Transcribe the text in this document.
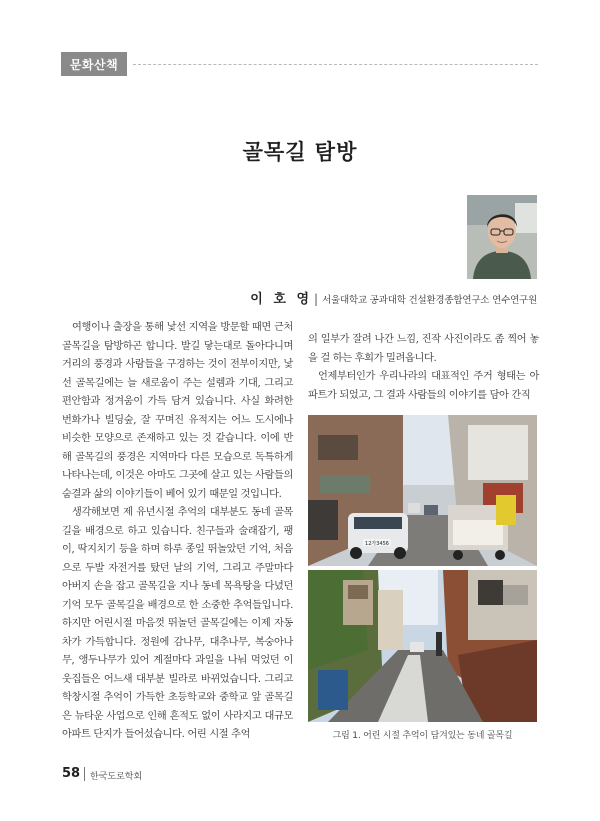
문화산책
골목길 탐방
이 호 영 | 서울대학교 공과대학 건설환경종합연구소 연수연구원

여행이나 출장을 통해 낯선 지역을 방문할 때면 근처 골목길을 탐방하곤 합니다. 발길 닿는대로 돌아다니며 거리의 풍경과 사람들을 구경하는 것이 전부이지만, 낯선 골목길에는 늘 새로움이 주는 설렘과 기대, 그리고 편안함과 정겨움이 가득 담겨 있습니다. 사실 화려한 번화가나 빌딩숲, 잘 꾸며진 유적지는 어느 도시에나 비슷한 모양으로 존재하고 있는 것 같습니다. 이에 반해 골목길의 풍경은 지역마다 다른 모습으로 독특하게 나타나는데, 이것은 아마도 그곳에 살고 있는 사람들의 숨결과 삶의 이야기들이 베어 있기 때문일 것입니다.

생각해보면 제 유년시절 추억의 대부분도 동네 골목길을 배경으로 하고 있습니다. 친구들과 술래잡기, 팽이, 딱지치기 등을 하며 하루 종일 뛰놀았던 기억, 처음으로 두발 자전거를 탔던 날의 기억, 그리고 주말마다 아버지 손을 잡고 골목길을 지나 동네 목욕탕을 다녔던 기억 모두 골목길을 배경으로 한 소중한 추억들입니다. 하지만 어린시절 마음껏 뛰놀던 골목길에는 이제 자동차가 가득합니다. 정원에 감나무, 대추나무, 복숭아나무, 앵두나무가 있어 계절마다 과일을 나눠 먹었던 이웃집들은 어느새 대부분 빌라로 바뀌었습니다. 그리고 학창시절 추억이 가득한 초등학교와 중학교 앞 골목길은 뉴타운 사업으로 인해 흔적도 없이 사라지고 대규모 아파트 단지가 들어섰습니다. 어린 시절 추억

의 일부가 잘려 나간 느낌, 진작 사진이라도 좀 찍어 놓을 걸 하는 후회가 밀려옵니다.

언제부터인가 우리나라의 대표적인 주거 형태는 아파트가 되었고, 그 결과 사람들의 이야기를 담아 간직

12가3456
그림 1. 어린 시절 추억이 담겨있는 동네 골목길
58 한국도로학회
